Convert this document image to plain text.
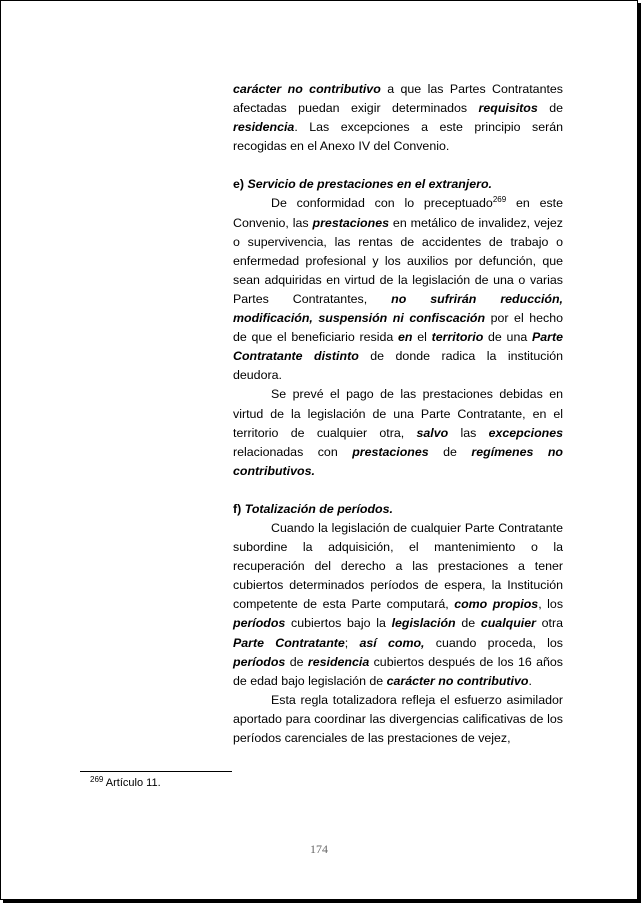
carácter no contributivo a que las Partes Contratantes afectadas puedan exigir determinados requisitos de residencia. Las excepciones a este principio serán recogidas en el Anexo IV del Convenio.

e) Servicio de prestaciones en el extranjero.

De conformidad con lo preceptuado$^{269}$ en este Convenio, las prestaciones en metálico de invalidez, vejez o supervivencia, las rentas de accidentes de trabajo o enfermedad profesional y los auxilios por defunción, que sean adquiridas en virtud de la legislación de una o varias Partes Contratantes, no sufrirán reducción, modificación, suspensión ni confiscación por el hecho de que el beneficiario resida en el territorio de una Parte Contratante distinto de donde radica la institución deudora.

Se prevé el pago de las prestaciones debidas en virtud de la legislación de una Parte Contratante, en el territorio de cualquier otra, salvo las excepciones relacionadas con prestaciones de regímenes no contributivos.

f) Totalización de períodos.

Cuando la legislación de cualquier Parte Contratante subordine la adquisición, el mantenimiento o la recuperación del derecho a las prestaciones a tener cubiertos determinados períodos de espera, la Institución competente de esta Parte computará, como propios, los períodos cubiertos bajo la legislación de cualquier otra Parte Contratante; así como, cuando proceda, los períodos de residencia cubiertos después de los 16 años de edad bajo legislación de carácter no contributivo.

Esta regla totalizadora refleja el esfuerzo asimilador aportado para coordinar las divergencias calificativas de los períodos carenciales de las prestaciones de vejez,

$^{269}$ Artículo 11.
174
